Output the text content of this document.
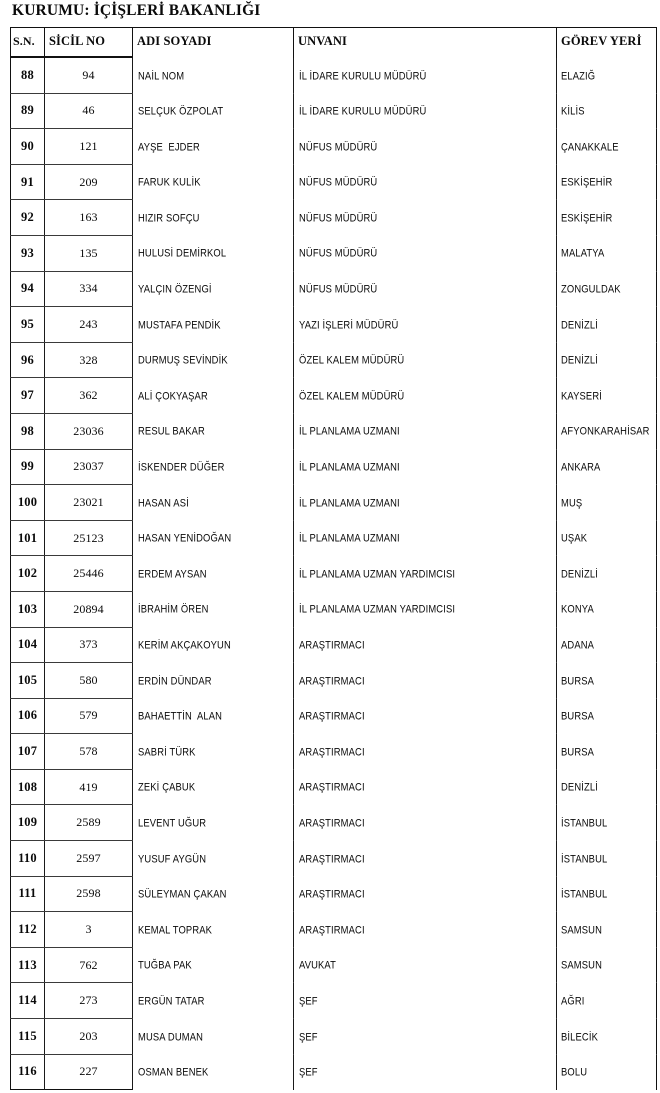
KURUMU: İÇİŞLERİ BAKANLIĞI
S.N.	SİCİL NO	ADI SOYADI	UNVANI	GÖREV YERİ

88	94	NAİL NOM	İL İDARE KURULU MÜDÜRÜ	ELAZIĞ

89	46	SELÇUK ÖZPOLAT	İL İDARE KURULU MÜDÜRÜ	KİLİS

90	121	AYŞE  EJDER	NÜFUS MÜDÜRÜ	ÇANAKKALE

91	209	FARUK KULİK	NÜFUS MÜDÜRÜ	ESKİŞEHİR

92	163	HIZIR SOFÇU	NÜFUS MÜDÜRÜ	ESKİŞEHİR

93	135	HULUSİ DEMİRKOL	NÜFUS MÜDÜRÜ	MALATYA

94	334	YALÇIN ÖZENGİ	NÜFUS MÜDÜRÜ	ZONGULDAK

95	243	MUSTAFA PENDİK	YAZI İŞLERİ MÜDÜRÜ	DENİZLİ

96	328	DURMUŞ SEVİNDİK	ÖZEL KALEM MÜDÜRÜ	DENİZLİ

97	362	ALİ ÇOKYAŞAR	ÖZEL KALEM MÜDÜRÜ	KAYSERİ

98	23036	RESUL BAKAR	İL PLANLAMA UZMANI	AFYONKARAHİSAR

99	23037	İSKENDER DÜĞER	İL PLANLAMA UZMANI	ANKARA

100	23021	HASAN ASİ	İL PLANLAMA UZMANI	MUŞ

101	25123	HASAN YENİDOĞAN	İL PLANLAMA UZMANI	UŞAK

102	25446	ERDEM AYSAN	İL PLANLAMA UZMAN YARDIMCISI	DENİZLİ

103	20894	İBRAHİM ÖREN	İL PLANLAMA UZMAN YARDIMCISI	KONYA

104	373	KERİM AKÇAKOYUN	ARAŞTIRMACI	ADANA

105	580	ERDİN DÜNDAR	ARAŞTIRMACI	BURSA

106	579	BAHAETTİN  ALAN	ARAŞTIRMACI	BURSA

107	578	SABRİ TÜRK	ARAŞTIRMACI	BURSA

108	419	ZEKİ ÇABUK	ARAŞTIRMACI	DENİZLİ

109	2589	LEVENT UĞUR	ARAŞTIRMACI	İSTANBUL

110	2597	YUSUF AYGÜN	ARAŞTIRMACI	İSTANBUL

111	2598	SÜLEYMAN ÇAKAN	ARAŞTIRMACI	İSTANBUL

112	3	KEMAL TOPRAK	ARAŞTIRMACI	SAMSUN

113	762	TUĞBA PAK	AVUKAT	SAMSUN

114	273	ERGÜN TATAR	ŞEF	AĞRI

115	203	MUSA DUMAN	ŞEF	BİLECİK

116	227	OSMAN BENEK	ŞEF	BOLU
